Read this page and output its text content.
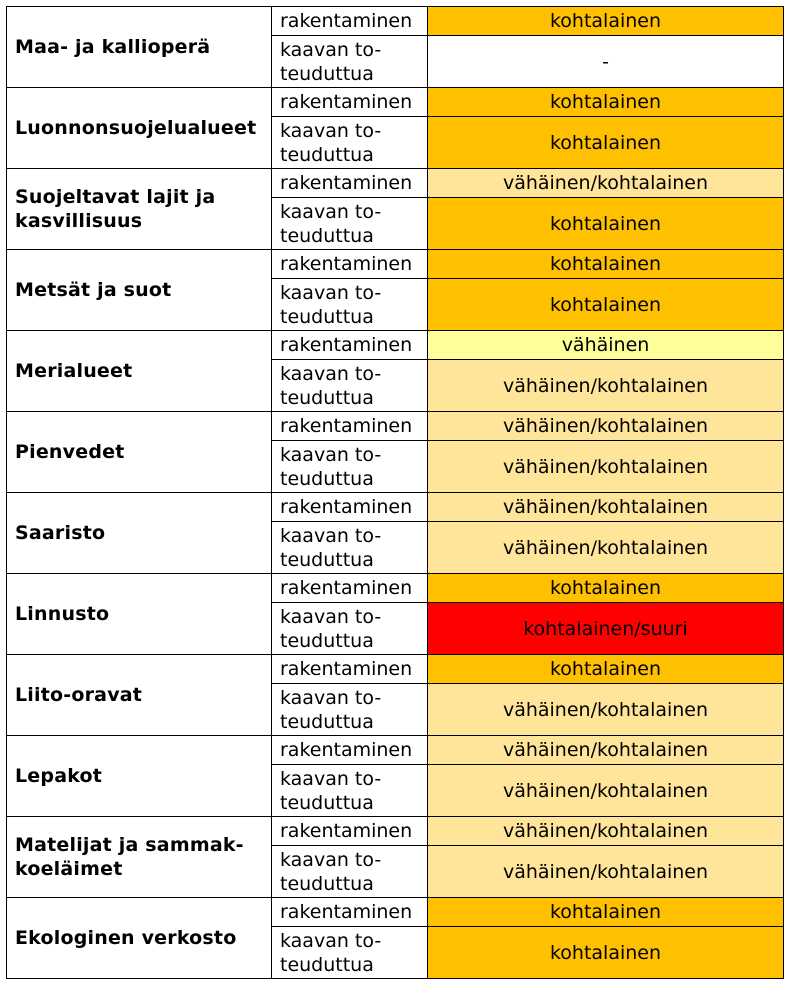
Maa- ja kallioperä	rakentaminen	kohtalainen
	kaavan to-
teuduttua	-
Luonnonsuojelualueet	rakentaminen	kohtalainen
	kaavan to-
teuduttua	kohtalainen
Suojeltavat lajit ja
kasvillisuus	rakentaminen	vähäinen/kohtalainen
	kaavan to-
teuduttua	kohtalainen
Metsät ja suot	rakentaminen	kohtalainen
	kaavan to-
teuduttua	kohtalainen
Merialueet	rakentaminen	vähäinen
	kaavan to-
teuduttua	vähäinen/kohtalainen
Pienvedet	rakentaminen	vähäinen/kohtalainen
	kaavan to-
teuduttua	vähäinen/kohtalainen
Saaristo	rakentaminen	vähäinen/kohtalainen
	kaavan to-
teuduttua	vähäinen/kohtalainen
Linnusto	rakentaminen	kohtalainen
	kaavan to-
teuduttua	kohtalainen/suuri
Liito-oravat	rakentaminen	kohtalainen
	kaavan to-
teuduttua	vähäinen/kohtalainen
Lepakot	rakentaminen	vähäinen/kohtalainen
	kaavan to-
teuduttua	vähäinen/kohtalainen
Matelijat ja sammak-
koeläimet	rakentaminen	vähäinen/kohtalainen
	kaavan to-
teuduttua	vähäinen/kohtalainen
Ekologinen verkosto	rakentaminen	kohtalainen
	kaavan to-
teuduttua	kohtalainen
